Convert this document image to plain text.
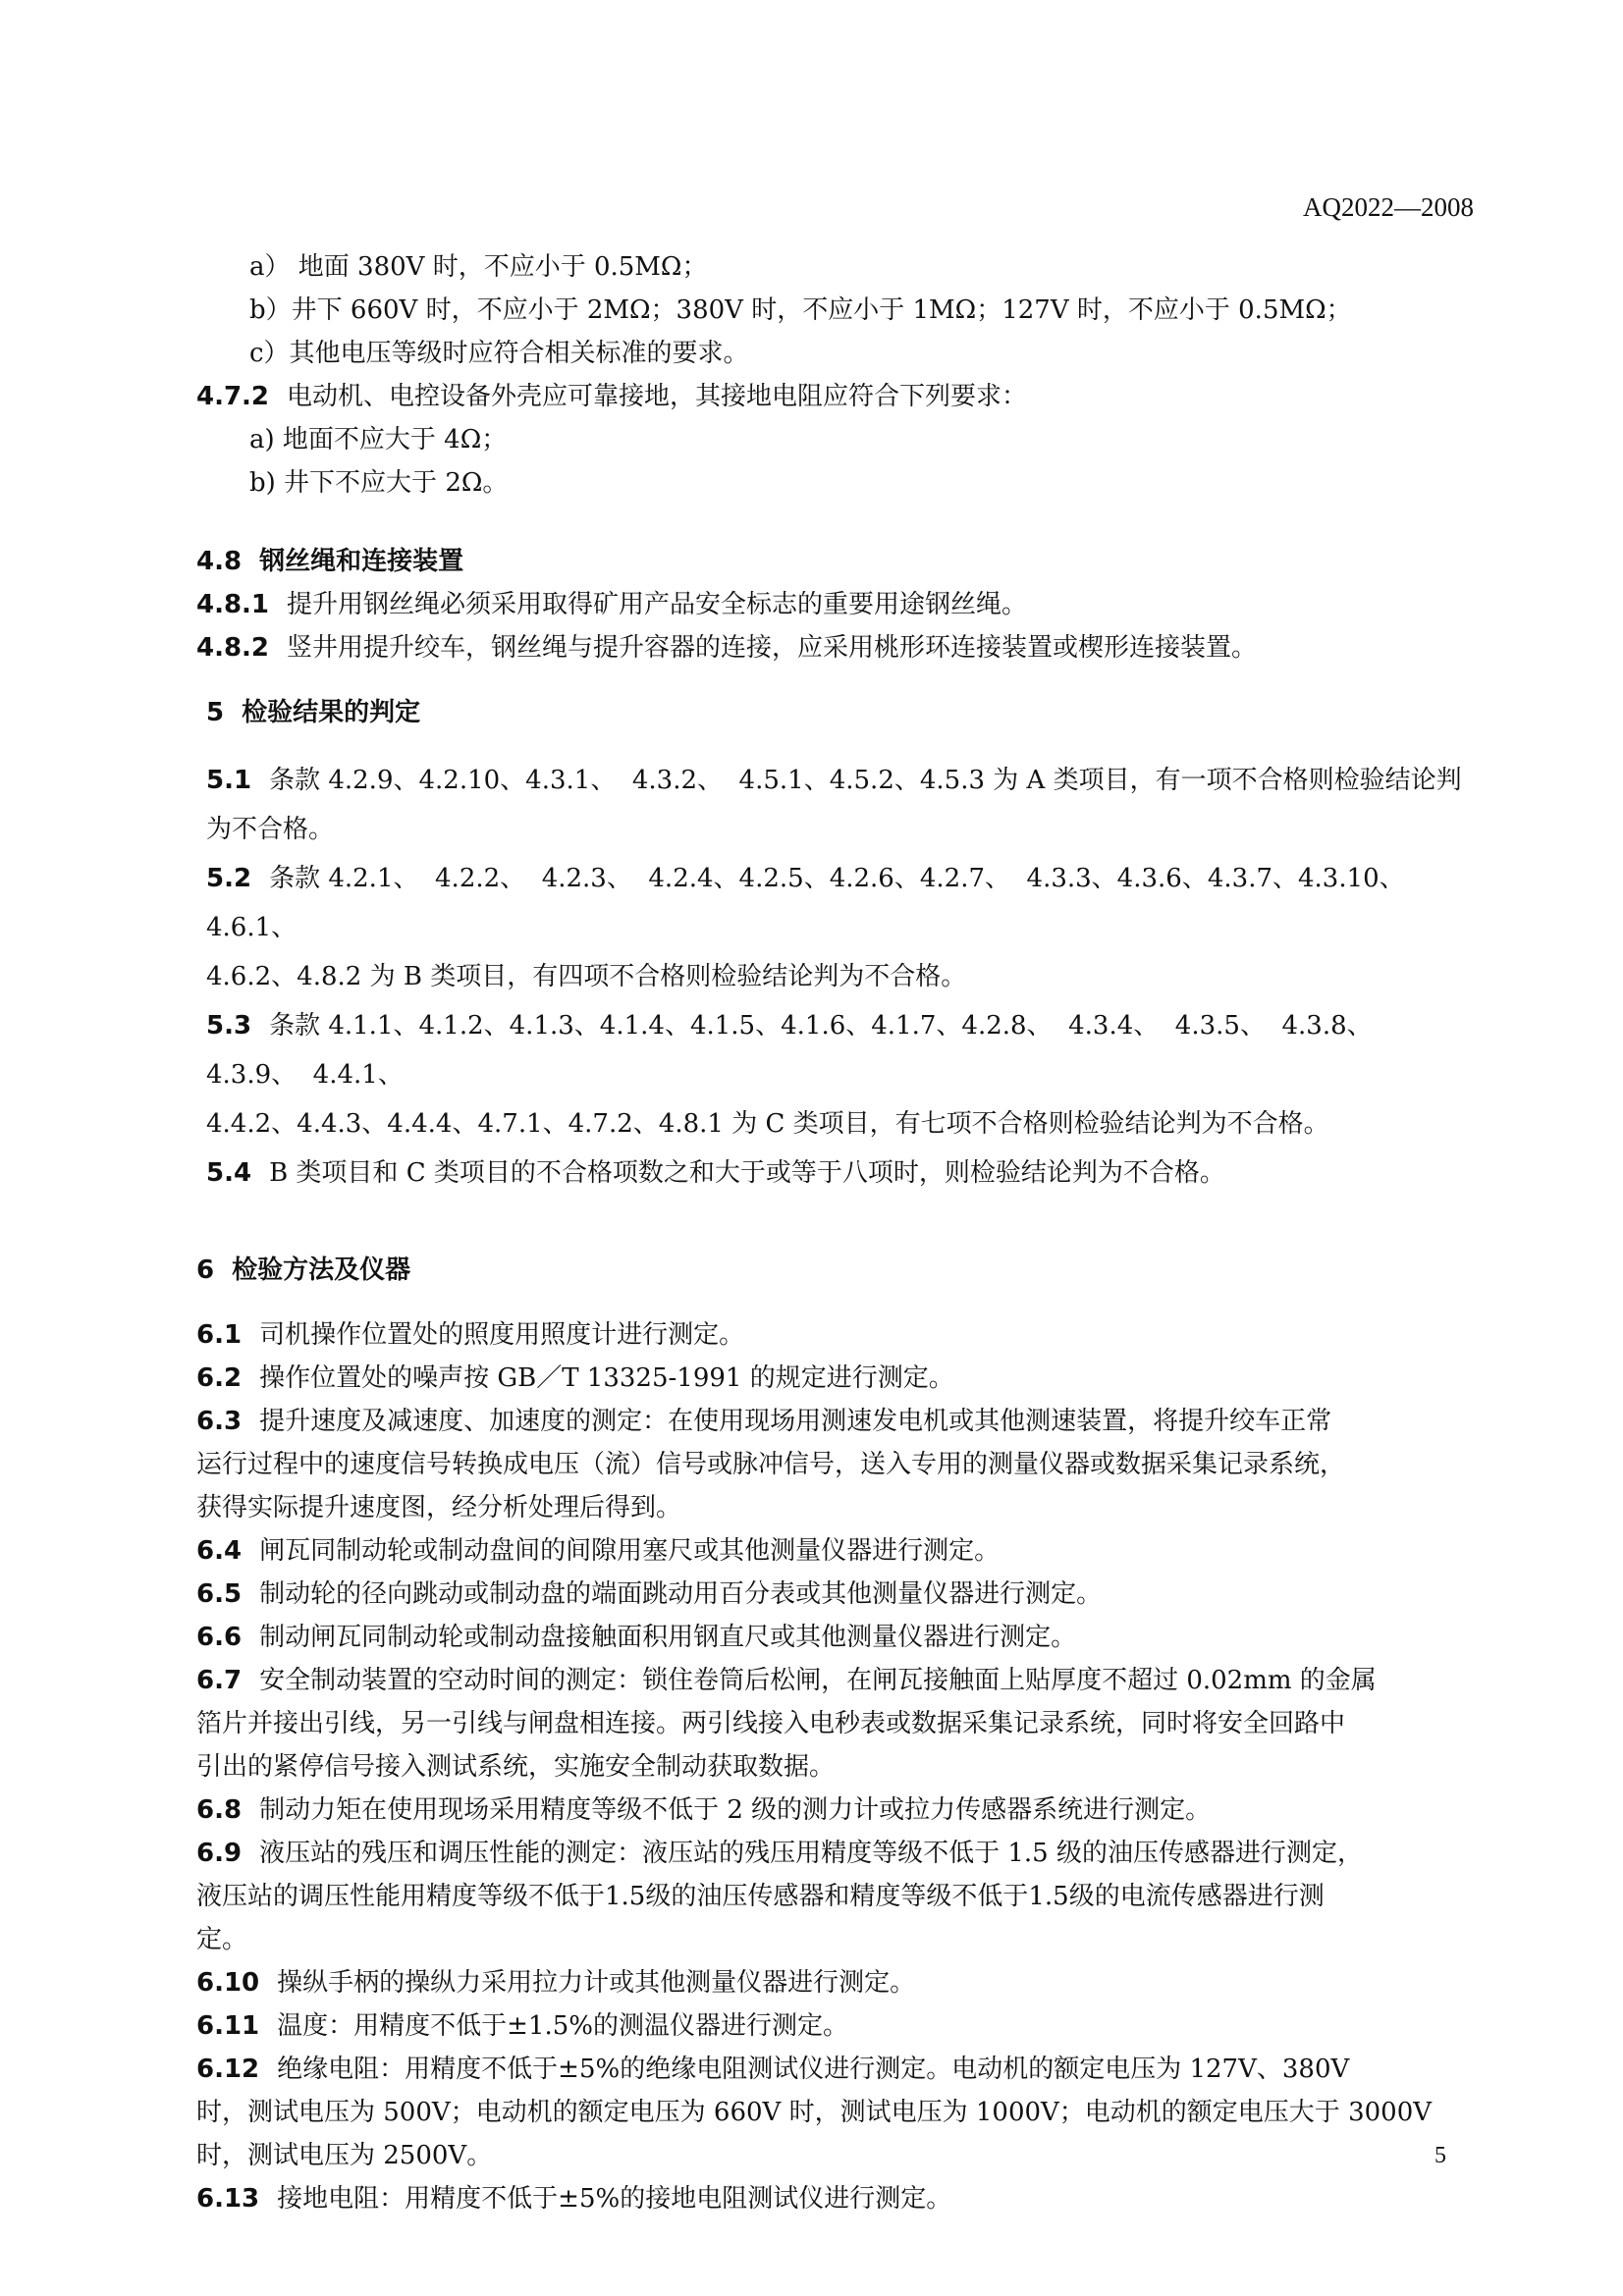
AQ2022—2008

a） 地面 380V 时，不应小于 0.5MΩ；

b）井下 660V 时，不应小于 2MΩ；380V 时，不应小于 1MΩ；127V 时，不应小于 0.5MΩ；

c）其他电压等级时应符合相关标准的要求。

4.7.2 电动机、电控设备外壳应可靠接地，其接地电阻应符合下列要求：

a) 地面不应大于 4Ω；

b) 井下不应大于 2Ω。

4.8 钢丝绳和连接装置

4.8.1 提升用钢丝绳必须采用取得矿用产品安全标志的重要用途钢丝绳。

4.8.2 竖井用提升绞车，钢丝绳与提升容器的连接，应采用桃形环连接装置或楔形连接装置。

5 检验结果的判定

5.1 条款 4.2.9、4.2.10、4.3.1、  4.3.2、  4.5.1、4.5.2、4.5.3 为 A 类项目，有一项不合格则检验结论判

为不合格。

5.2 条款 4.2.1、  4.2.2、  4.2.3、  4.2.4、4.2.5、4.2.6、4.2.7、  4.3.3、4.3.6、4.3.7、4.3.10、  4.6.1、

4.6.2、4.8.2 为 B 类项目，有四项不合格则检验结论判为不合格。

5.3 条款 4.1.1、4.1.2、4.1.3、4.1.4、4.1.5、4.1.6、4.1.7、4.2.8、  4.3.4、  4.3.5、  4.3.8、  4.3.9、  4.4.1、

4.4.2、4.4.3、4.4.4、4.7.1、4.7.2、4.8.1 为 C 类项目，有七项不合格则检验结论判为不合格。

5.4 B 类项目和 C 类项目的不合格项数之和大于或等于八项时，则检验结论判为不合格。

6 检验方法及仪器

6.1 司机操作位置处的照度用照度计进行测定。

6.2 操作位置处的噪声按 GB／T 13325-1991 的规定进行测定。

6.3 提升速度及减速度、加速度的测定：在使用现场用测速发电机或其他测速装置，将提升绞车正常

运行过程中的速度信号转换成电压（流）信号或脉冲信号，送入专用的测量仪器或数据采集记录系统，

获得实际提升速度图，经分析处理后得到。

6.4 闸瓦同制动轮或制动盘间的间隙用塞尺或其他测量仪器进行测定。

6.5 制动轮的径向跳动或制动盘的端面跳动用百分表或其他测量仪器进行测定。

6.6 制动闸瓦同制动轮或制动盘接触面积用钢直尺或其他测量仪器进行测定。

6.7 安全制动装置的空动时间的测定：锁住卷筒后松闸，在闸瓦接触面上贴厚度不超过 0.02mm 的金属

箔片并接出引线，另一引线与闸盘相连接。两引线接入电秒表或数据采集记录系统，同时将安全回路中

引出的紧停信号接入测试系统，实施安全制动获取数据。

6.8 制动力矩在使用现场采用精度等级不低于 2 级的测力计或拉力传感器系统进行测定。

6.9 液压站的残压和调压性能的测定：液压站的残压用精度等级不低于 1.5 级的油压传感器进行测定，

液压站的调压性能用精度等级不低于1.5级的油压传感器和精度等级不低于1.5级的电流传感器进行测

定。

6.10 操纵手柄的操纵力采用拉力计或其他测量仪器进行测定。

6.11 温度：用精度不低于±1.5%的测温仪器进行测定。

6.12 绝缘电阻：用精度不低于±5%的绝缘电阻测试仪进行测定。电动机的额定电压为 127V、380V

时，测试电压为 500V；电动机的额定电压为 660V 时，测试电压为 1000V；电动机的额定电压大于 3000V

时，测试电压为 2500V。

6.13 接地电阻：用精度不低于±5%的接地电阻测试仪进行测定。

5
